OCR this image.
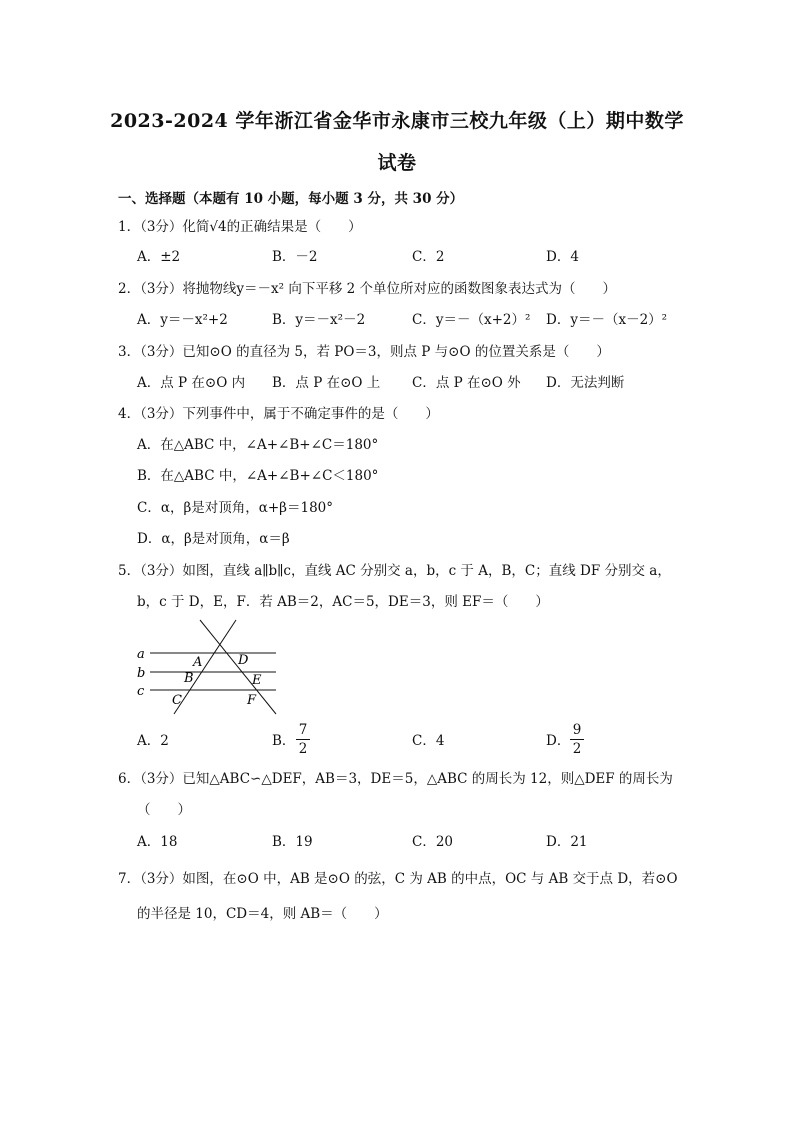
2023-2024 学年浙江省金华市永康市三校九年级（上）期中数学
试卷
一、选择题（本题有 10 小题，每小题 3 分，共 30 分）
1．（3分）化简√4的正确结果是（　　）
A．±2	B．－2	C．2	D．4
2．（3分）将抛物线y＝－x² 向下平移 2 个单位所对应的函数图象表达式为（　　）
A．y＝－x²+2	B．y＝－x²－2	C．y＝－（x+2）² D．y＝－（x－2）²
3．（3分）已知⊙O 的直径为 5，若 PO＝3，则点 P 与⊙O 的位置关系是（　　）
A．点 P 在⊙O 内 B．点 P 在⊙O 上 C．点 P 在⊙O 外 D．无法判断
4．（3分）下列事件中，属于不确定事件的是（　　）
A．在△ABC 中，∠A+∠B+∠C＝180°
B．在△ABC 中，∠A+∠B+∠C＜180°
C．α，β是对顶角，α+β＝180°
D．α，β是对顶角，α＝β
5．（3分）如图，直线 a∥b∥c，直线 AC 分别交 a，b，c 于 A，B，C；直线 DF 分别交 a，
b，c 于 D，E，F．若 AB＝2，AC＝5，DE＝3，则 EF＝（　　）
a
b
c
A
B
C
D
E
F
A．2	B．
7
2	C．4	D．
9
2
6．（3分）已知△ABC∽△DEF，AB＝3，DE＝5，△ABC 的周长为 12，则△DEF 的周长为
（　　）
A．18	B．19	C．20	D．21
7．（3分）如图，在⊙O 中，AB 是⊙O 的弦，C 为 AB 的中点，OC 与 AB 交于点 D，若⊙O
的半径是 10，CD＝4，则 AB＝（　　）
